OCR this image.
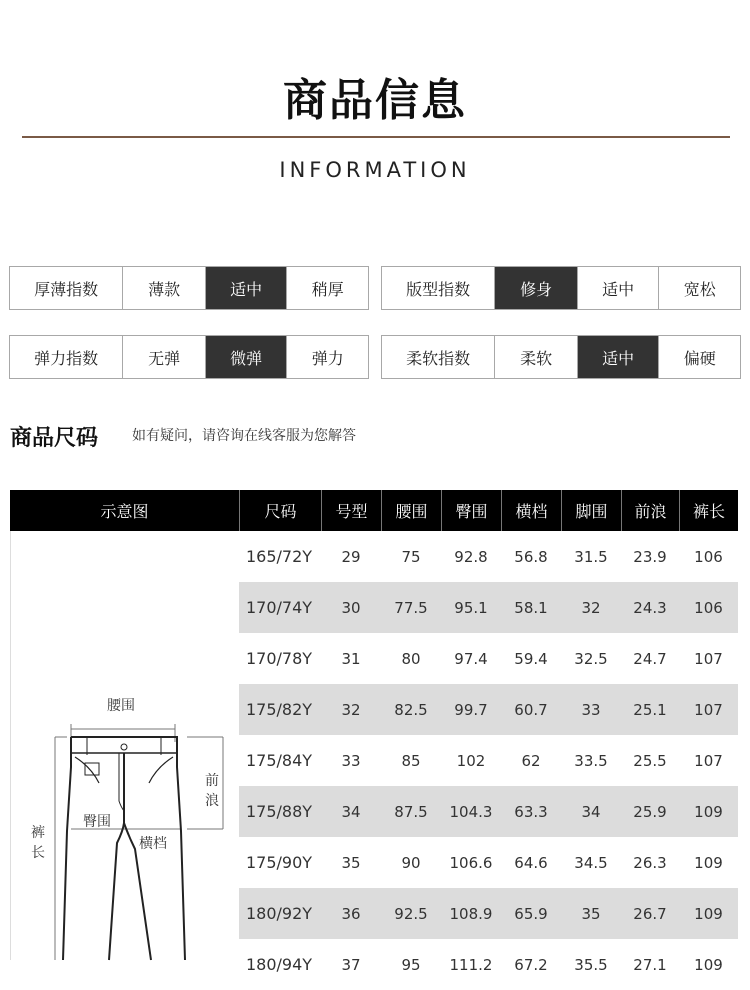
商品信息
INFORMATION
厚薄指数	薄款	适中	稍厚	版型指数	修身	适中	宽松
弹力指数	无弹	微弹	弹力	柔软指数	柔软	适中	偏硬
商品尺码 如有疑问，请咨询在线客服为您解答
示意图	尺码	号型	腰围	臀围	横档	脚围	前浪	裤长
腰围
前浪
臀围
横档
裤长
165/72Y	29	75	92.8	56.8	31.5	23.9	106
170/74Y	30	77.5	95.1	58.1	32	24.3	106
170/78Y	31	80	97.4	59.4	32.5	24.7	107
175/82Y	32	82.5	99.7	60.7	33	25.1	107
175/84Y	33	85	102	62	33.5	25.5	107
175/88Y	34	87.5	104.3	63.3	34	25.9	109
175/90Y	35	90	106.6	64.6	34.5	26.3	109
180/92Y	36	92.5	108.9	65.9	35	26.7	109
180/94Y	37	95	111.2	67.2	35.5	27.1	109
